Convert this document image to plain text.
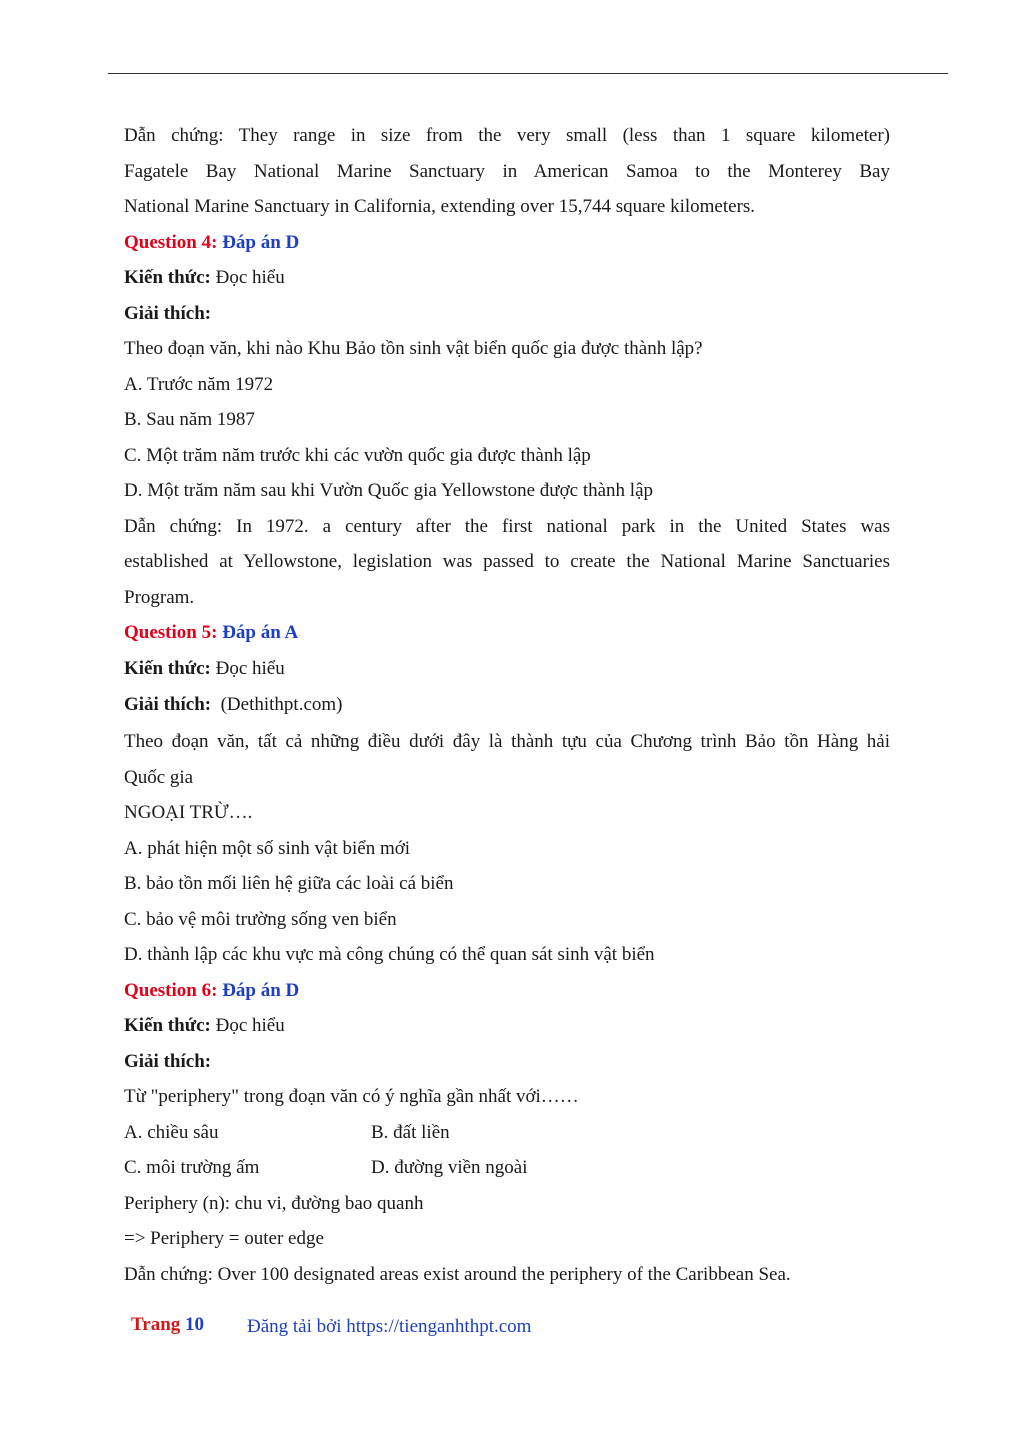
Dẫn chứng: They range in size from the very small (less than 1 square kilometer)
Fagatele Bay National Marine Sanctuary in American Samoa to the Monterey Bay
National Marine Sanctuary in California, extending over 15,744 square kilometers.
Question 4: Đáp án D
Kiến thức: Đọc hiểu
Giải thích:
Theo đoạn văn, khi nào Khu Bảo tồn sinh vật biển quốc gia được thành lập?
A. Trước năm 1972
B. Sau năm 1987
C. Một trăm năm trước khi các vườn quốc gia được thành lập
D. Một trăm năm sau khi Vườn Quốc gia Yellowstone được thành lập
Dẫn chứng: In 1972. a century after the first national park in the United States was
established at Yellowstone, legislation was passed to create the National Marine Sanctuaries
Program.
Question 5: Đáp án A
Kiến thức: Đọc hiểu
Giải thích: (Dethithpt.com)
Theo đoạn văn, tất cả những điều dưới đây là thành tựu của Chương trình Bảo tồn Hàng hải
Quốc gia
NGOẠI TRỪ….
A. phát hiện một số sinh vật biển mới
B. bảo tồn mối liên hệ giữa các loài cá biển
C. bảo vệ môi trường sống ven biển
D. thành lập các khu vực mà công chúng có thể quan sát sinh vật biển
Question 6: Đáp án D
Kiến thức: Đọc hiểu
Giải thích:
Từ "periphery" trong đoạn văn có ý nghĩa gần nhất với……
A. chiều sâu	B. đất liền
C. môi trường ấm	D. đường viền ngoài
Periphery (n): chu vi, đường bao quanh
=> Periphery = outer edge
Dẫn chứng: Over 100 designated areas exist around the periphery of the Caribbean Sea.
Trang 10 Đăng tải bởi https://tienganhthpt.com
